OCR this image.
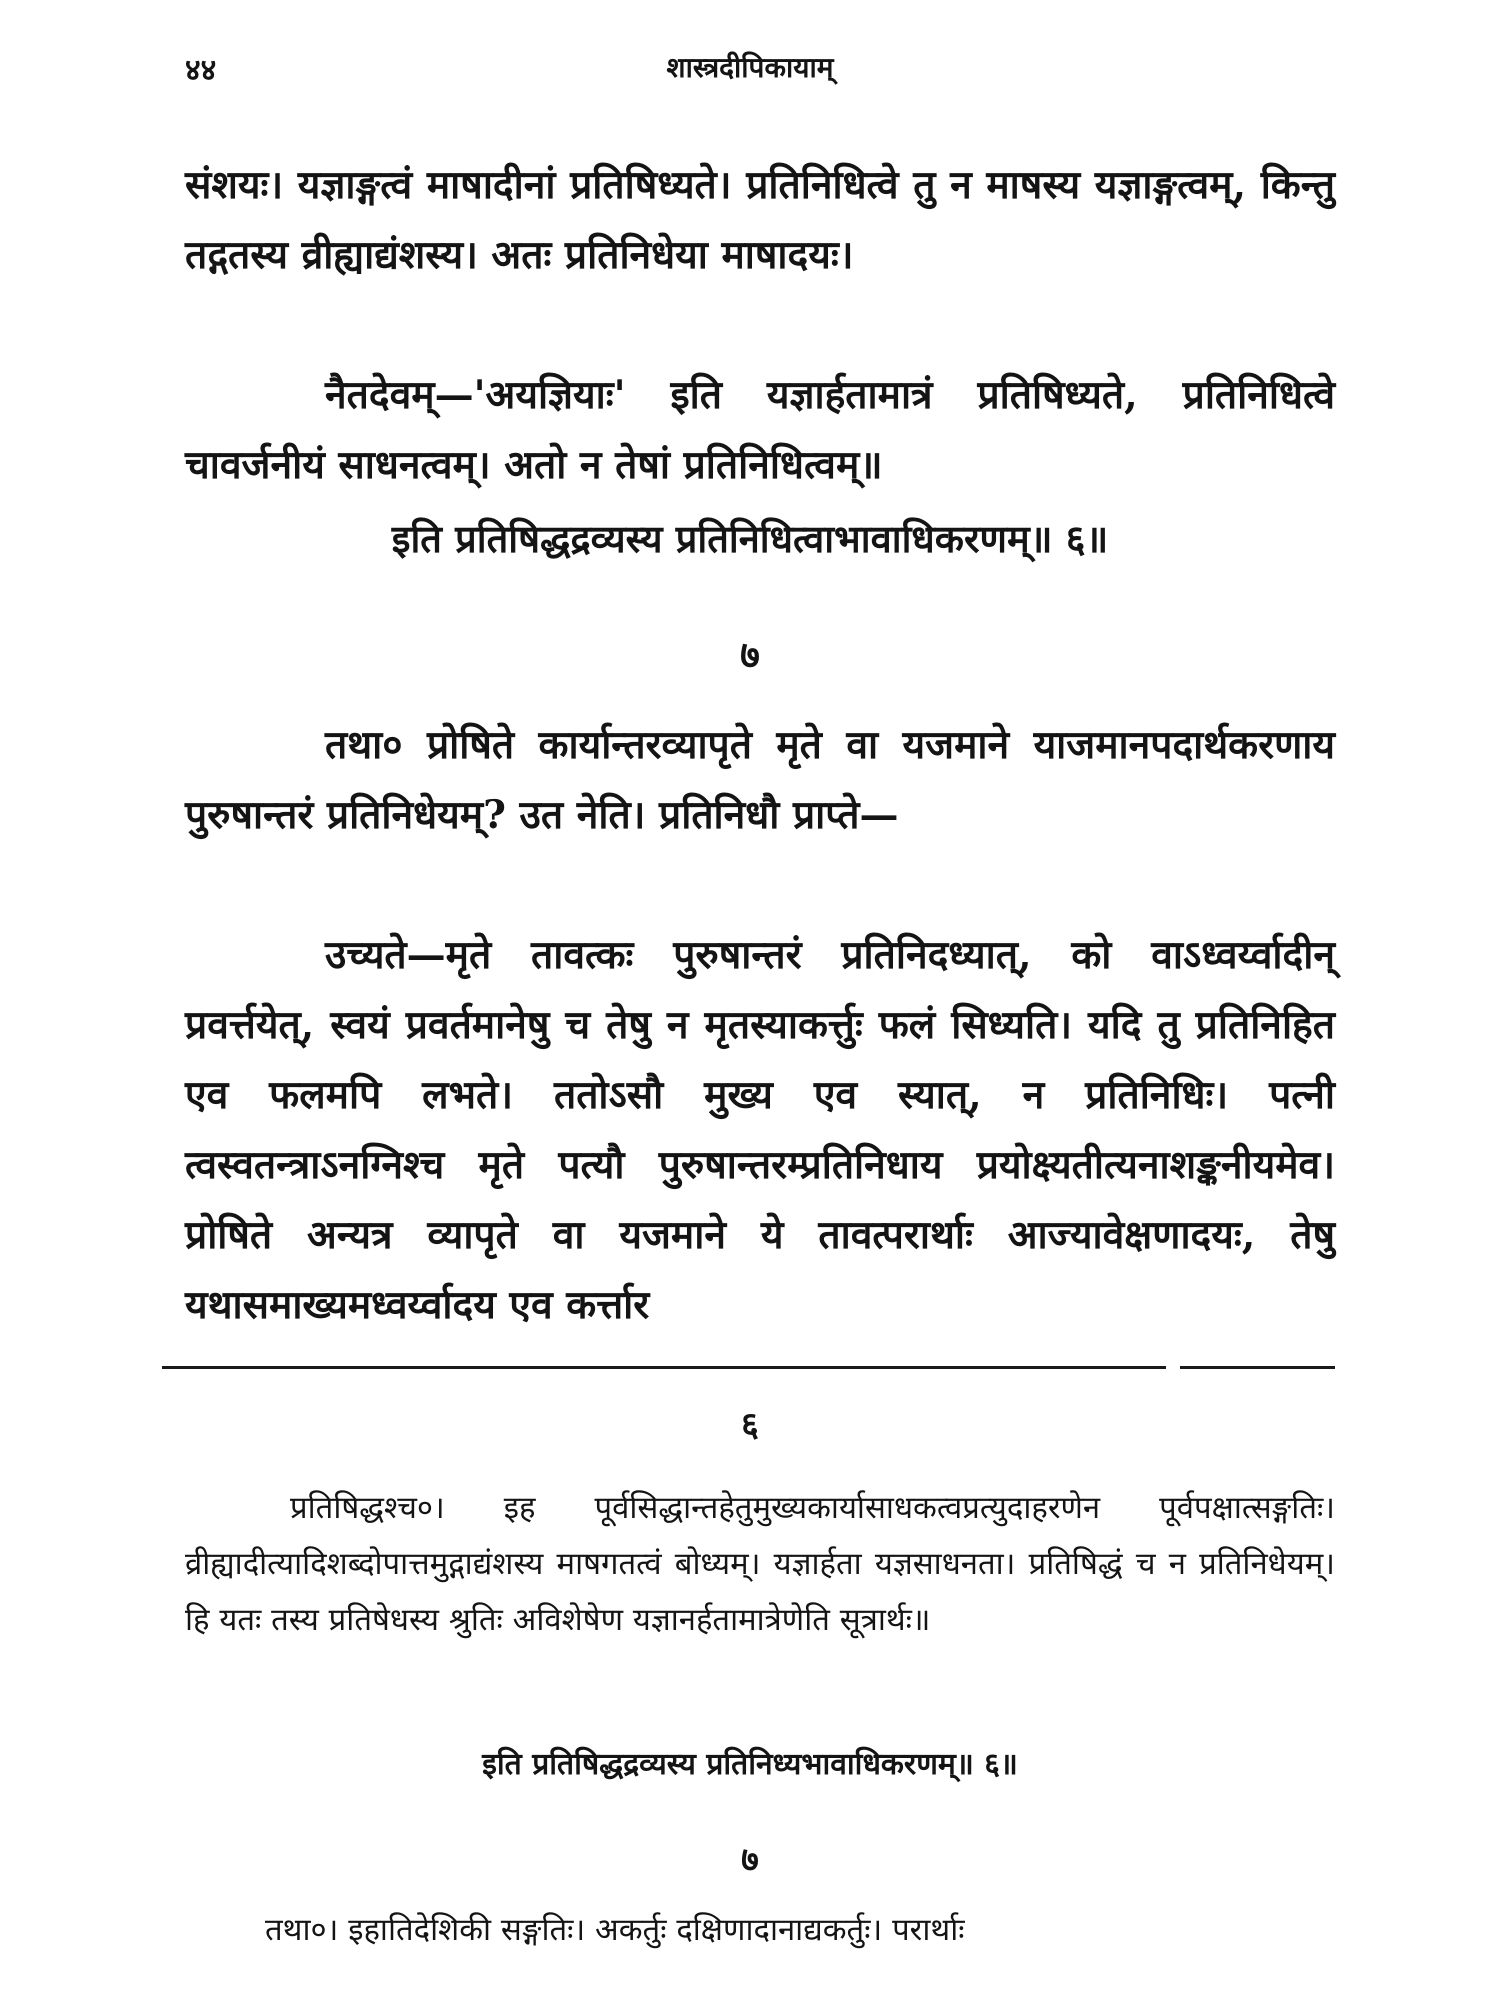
४४	शास्त्रदीपिकायाम्

संशयः। यज्ञाङ्गत्वं माषादीनां प्रतिषिध्यते। प्रतिनिधित्वे तु न माषस्य यज्ञाङ्गत्वम्, किन्तु तद्गतस्य व्रीह्याद्यंशस्य। अतः प्रतिनिधेया माषादयः।

नैतदेवम्—'अयज्ञियाः' इति यज्ञार्हतामात्रं प्रतिषिध्यते, प्रतिनिधित्वे चावर्जनीयं साधनत्वम्। अतो न तेषां प्रतिनिधित्वम्॥

इति प्रतिषिद्धद्रव्यस्य प्रतिनिधित्वाभावाधिकरणम्॥ ६॥
७

तथा० प्रोषिते कार्यान्तरव्यापृते मृते वा यजमाने याजमानपदार्थकरणाय पुरुषान्तरं प्रतिनिधेयम्? उत नेति। प्रतिनिधौ प्राप्ते—

उच्यते—मृते तावत्कः पुरुषान्तरं प्रतिनिदध्यात्, को वाऽध्वर्य्वादीन् प्रवर्त्तयेत्, स्वयं प्रवर्तमानेषु च तेषु न मृतस्याकर्त्तुः फलं सिध्यति। यदि तु प्रतिनिहित एव फलमपि लभते। ततोऽसौ मुख्य एव स्यात्, न प्रतिनिधिः। पत्नी त्वस्वतन्त्राऽनग्निश्च मृते पत्यौ पुरुषान्तरम्प्रतिनिधाय प्रयोक्ष्यतीत्यनाशङ्कनीयमेव। प्रोषिते अन्यत्र व्यापृते वा यजमाने ये तावत्परार्थाः आज्यावेक्षणादयः, तेषु यथासमाख्यमध्वर्य्वादय एव कर्त्तार

६

प्रतिषिद्धश्च०। इह पूर्वसिद्धान्तहेतुमुख्यकार्यासाधकत्वप्रत्युदाहरणेन पूर्वपक्षात्सङ्गतिः। व्रीह्यादीत्यादिशब्दोपात्तमुद्गाद्यंशस्य माषगतत्वं बोध्यम्। यज्ञार्हता यज्ञसाधनता। प्रतिषिद्धं च न प्रतिनिधेयम्। हि यतः तस्य प्रतिषेधस्य श्रुतिः अविशेषेण यज्ञानर्हतामात्रेणेति सूत्रार्थः॥

इति प्रतिषिद्धद्रव्यस्य प्रतिनिध्यभावाधिकरणम्॥ ६॥
७
तथा०। इहातिदेशिकी सङ्गतिः। अकर्तुः दक्षिणादानाद्यकर्तुः। परार्थाः
